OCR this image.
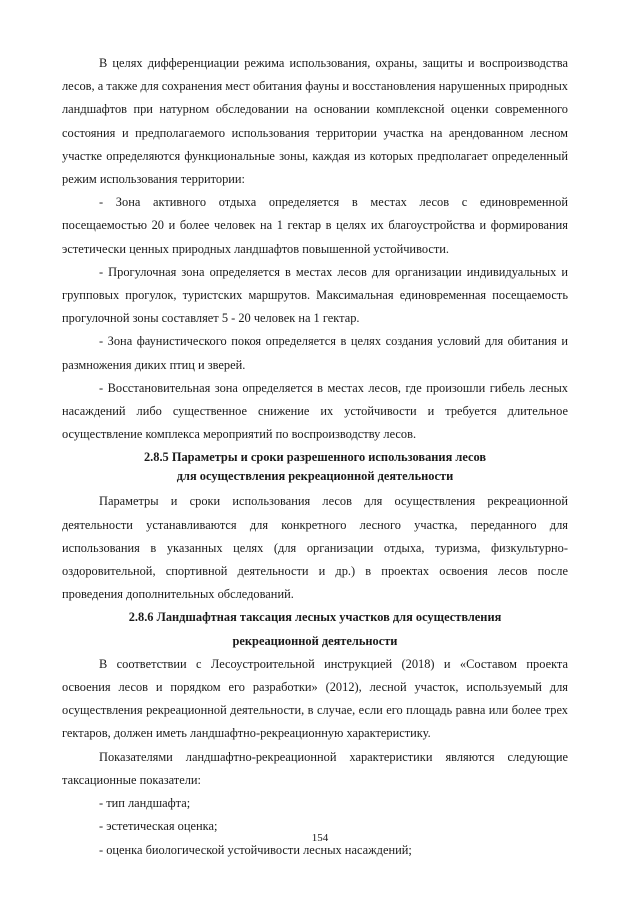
В целях дифференциации режима использования, охраны, защиты и воспроизводства лесов, а также для сохранения мест обитания фауны и восстановления нарушенных природных ландшафтов при натурном обследовании на основании комплексной оценки современного состояния и предполагаемого использования территории участка на арендованном лесном участке определяются функциональные зоны, каждая из которых предполагает определенный режим использования территории:

- Зона активного отдыха определяется в местах лесов с единовременной посещаемостью 20 и более человек на 1 гектар в целях их благоустройства и формирования эстетически ценных природных ландшафтов повышенной устойчивости.

- Прогулочная зона определяется в местах лесов для организации индивидуальных и групповых прогулок, туристских маршрутов. Максимальная единовременная посещаемость прогулочной зоны составляет 5 - 20 человек на 1 гектар.

- Зона фаунистического покоя определяется в целях создания условий для обитания и размножения диких птиц и зверей.

- Восстановительная зона определяется в местах лесов, где произошли гибель лесных насаждений либо существенное снижение их устойчивости и требуется длительное осуществление комплекса мероприятий по воспроизводству лесов.

2.8.5 Параметры и сроки разрешенного использования лесов
для осуществления рекреационной деятельности

Параметры и сроки использования лесов для осуществления рекреационной деятельности устанавливаются для конкретного лесного участка, переданного для использования в указанных целях (для организации отдыха, туризма, физкультурно-оздоровительной, спортивной деятельности и др.) в проектах освоения лесов после проведения дополнительных обследований.

2.8.6 Ландшафтная таксация лесных участков для осуществления
рекреационной деятельности

В соответствии с Лесоустроительной инструкцией (2018) и «Составом проекта освоения лесов и порядком его разработки» (2012), лесной участок, используемый для осуществления рекреационной деятельности, в случае, если его площадь равна или более трех гектаров, должен иметь ландшафтно-рекреационную характеристику.

Показателями ландшафтно-рекреационной характеристики являются следующие таксационные показатели:

- тип ландшафта;

- эстетическая оценка;

- оценка биологической устойчивости лесных насаждений;

154
